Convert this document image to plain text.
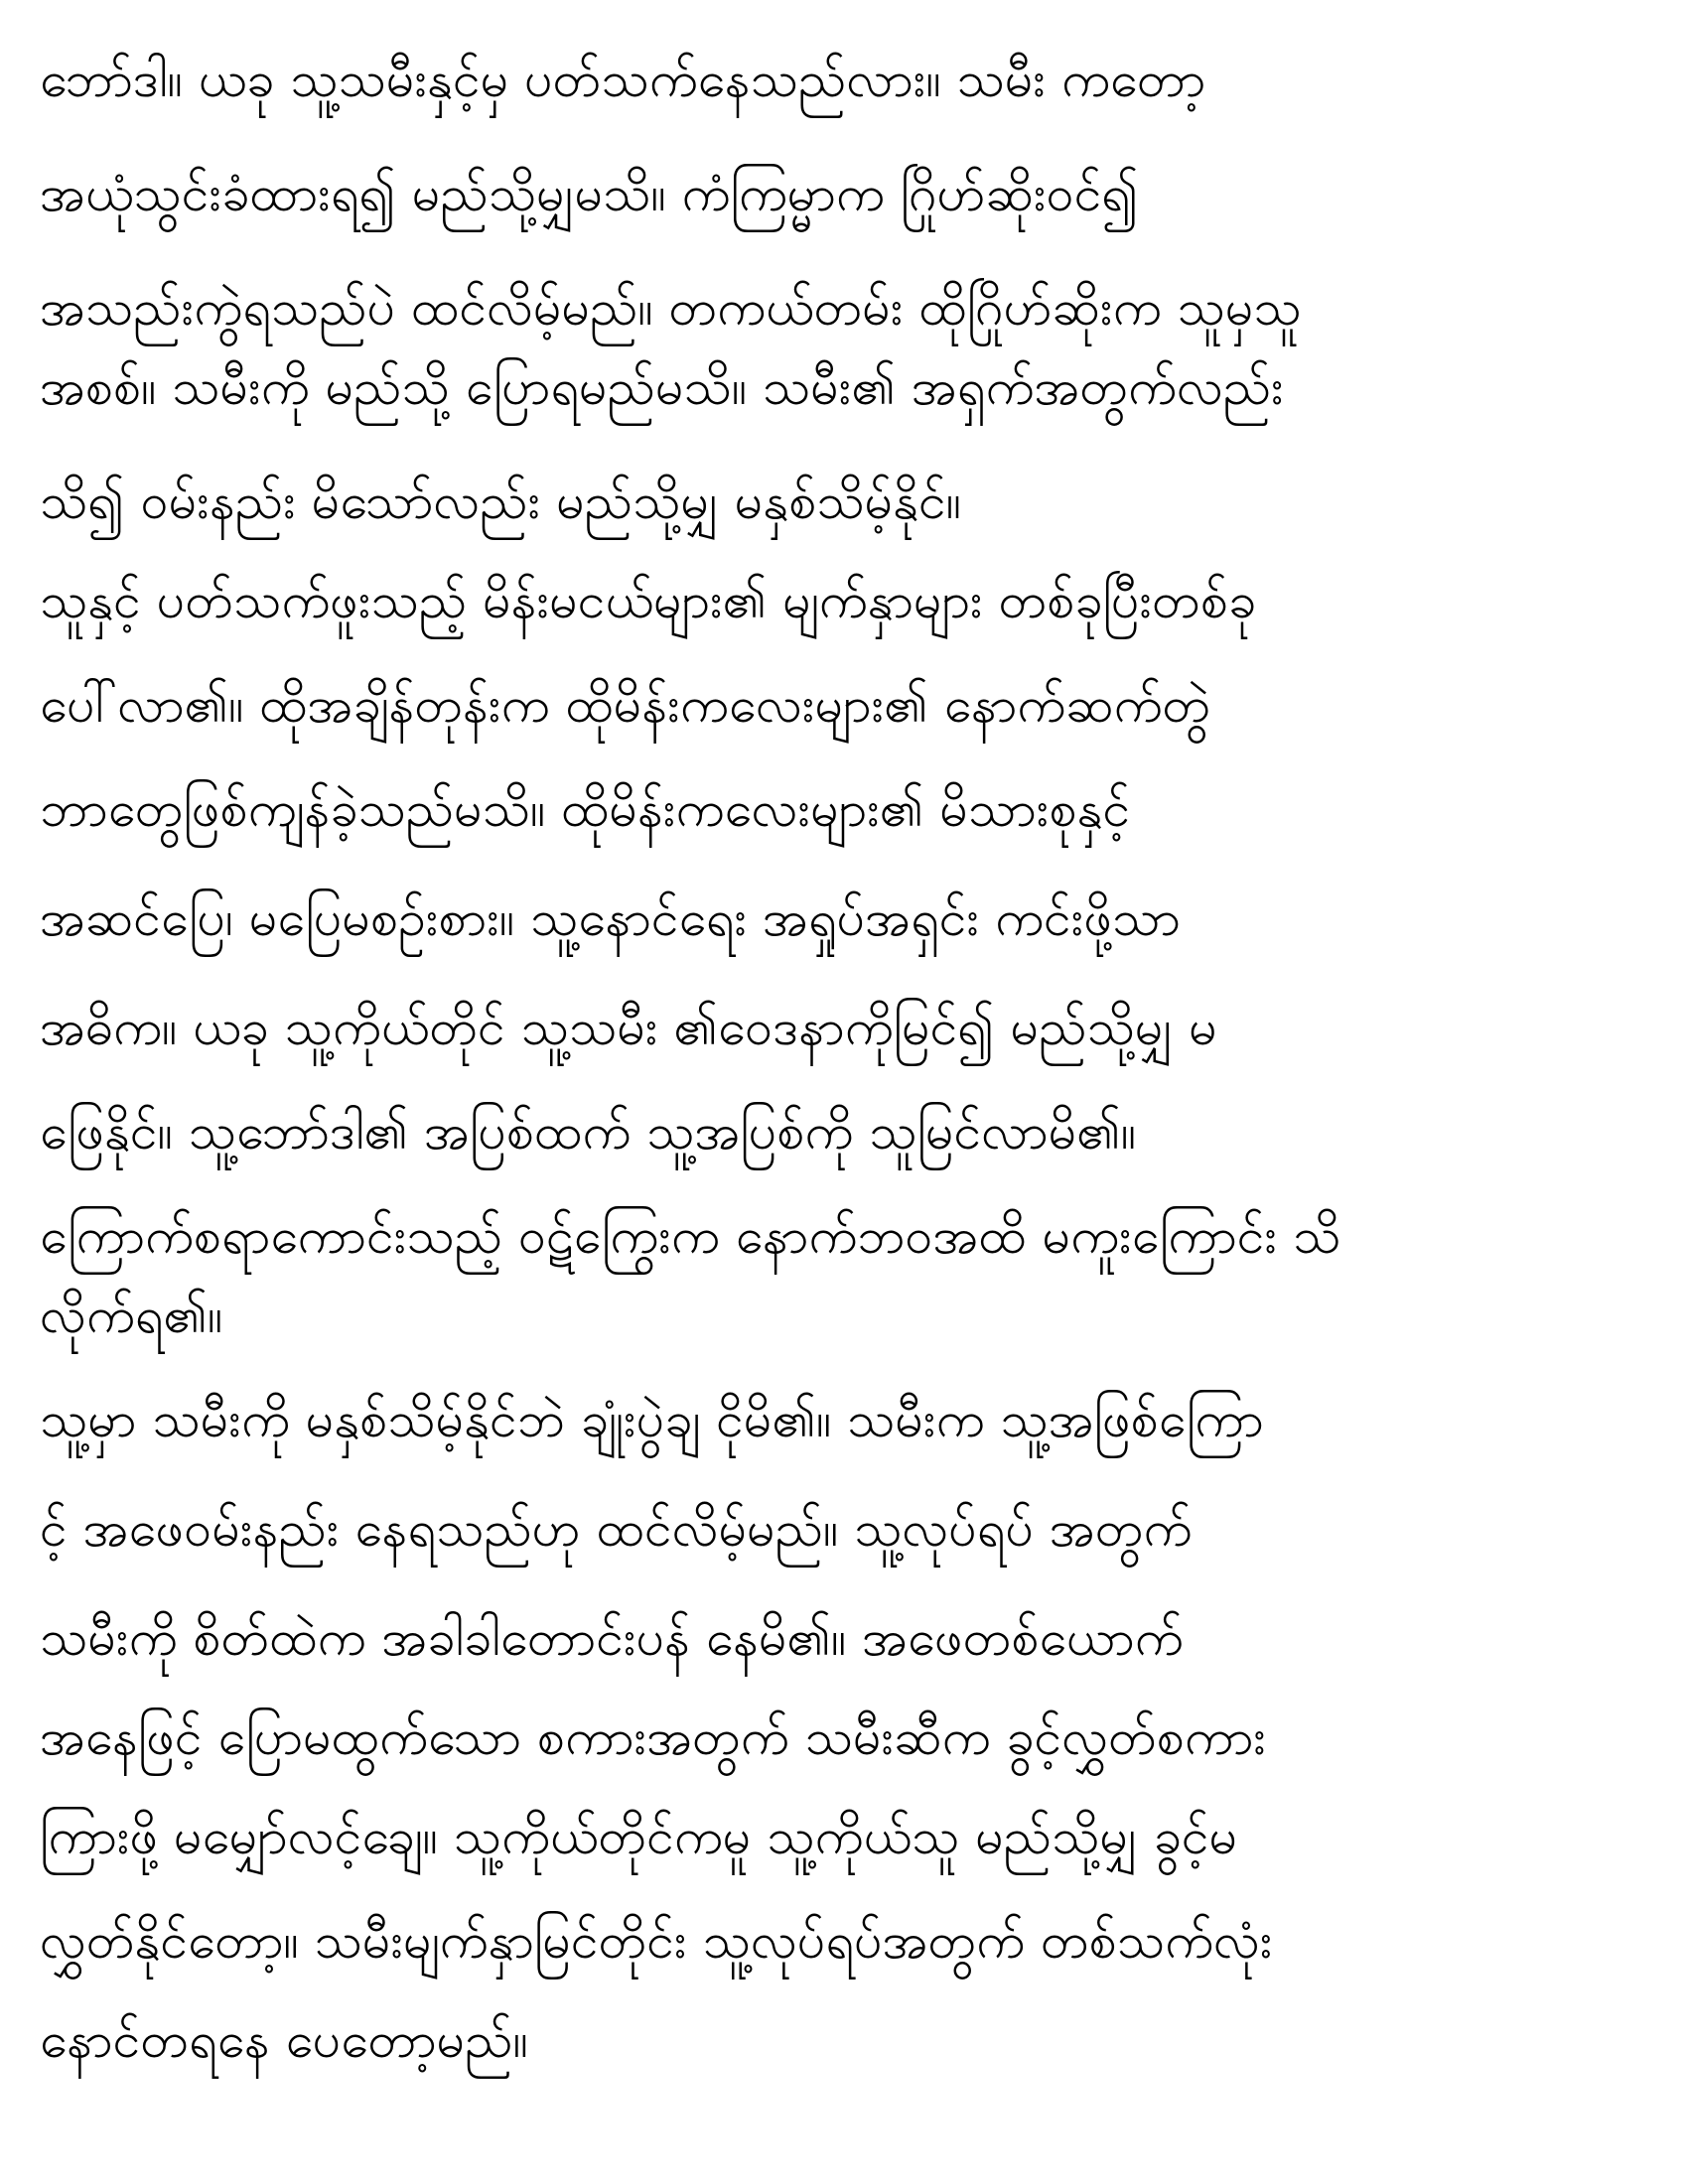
ဘော်ဒါ။ ယခု သူ့သမီးနှင့်မှ ပတ်သက်နေသည်လား။ သမီး ကတော့
အယုံသွင်းခံထားရ၍ မည်သို့မျှမသိ။ ကံကြမ္မာက ဂြိုဟ်ဆိုးဝင်၍
အသည်းကွဲရသည်ပဲ ထင်လိမ့်မည်။ တကယ်တမ်း ထိုဂြိုဟ်ဆိုးက သူမှသူ
အစစ်။ သမီးကို မည်သို့ ပြောရမည်မသိ။ သမီး၏ အရှက်အတွက်လည်း
သိ၍ ဝမ်းနည်း မိသော်လည်း မည်သို့မျှ မနှစ်သိမ့်နိုင်။
သူနှင့် ပတ်သက်ဖူးသည့် မိန်းမငယ်များ၏ မျက်နှာများ တစ်ခုပြီးတစ်ခု
ပေါ်လာ၏။ ထိုအချိန်တုန်းက ထိုမိန်းကလေးများ၏ နောက်ဆက်တွဲ
ဘာတွေဖြစ်ကျန်ခဲ့သည်မသိ။ ထိုမိန်းကလေးများ၏ မိသားစုနှင့်
အဆင်ပြေ၊ မပြေမစဉ်းစား။ သူ့နောင်ရေး အရှုပ်အရှင်း ကင်းဖို့သာ
အဓိက။ ယခု သူ့ကိုယ်တိုင် သူ့သမီး ၏ဝေဒနာကိုမြင်၍ မည်သို့မျှ မ
ဖြေနိုင်။ သူ့ဘော်ဒါ၏ အပြစ်ထက် သူ့အပြစ်ကို သူမြင်လာမိ၏။
ကြောက်စရာကောင်းသည့် ဝဋ်ကြွေးက နောက်ဘဝအထိ မကူးကြောင်း သိ
လိုက်ရ၏။
သူ့မှာ သမီးကို မနှစ်သိမ့်နိုင်ဘဲ ချုံးပွဲချ ငိုမိ၏။ သမီးက သူ့အဖြစ်ကြော
င့် အဖေဝမ်းနည်း နေရသည်ဟု ထင်လိမ့်မည်။ သူ့လုပ်ရပ် အတွက်
သမီးကို စိတ်ထဲက အခါခါတောင်းပန် နေမိ၏။ အဖေတစ်ယောက်
အနေဖြင့် ပြောမထွက်သော စကားအတွက် သမီးဆီက ခွင့်လွှတ်စကား
ကြားဖို့ မမျှော်လင့်ချေ။ သူ့ကိုယ်တိုင်ကမူ သူ့ကိုယ်သူ မည်သို့မျှ ခွင့်မ
လွှတ်နိုင်တော့။ သမီးမျက်နှာမြင်တိုင်း သူ့လုပ်ရပ်အတွက် တစ်သက်လုံး
နောင်တရနေ ပေတော့မည်။
